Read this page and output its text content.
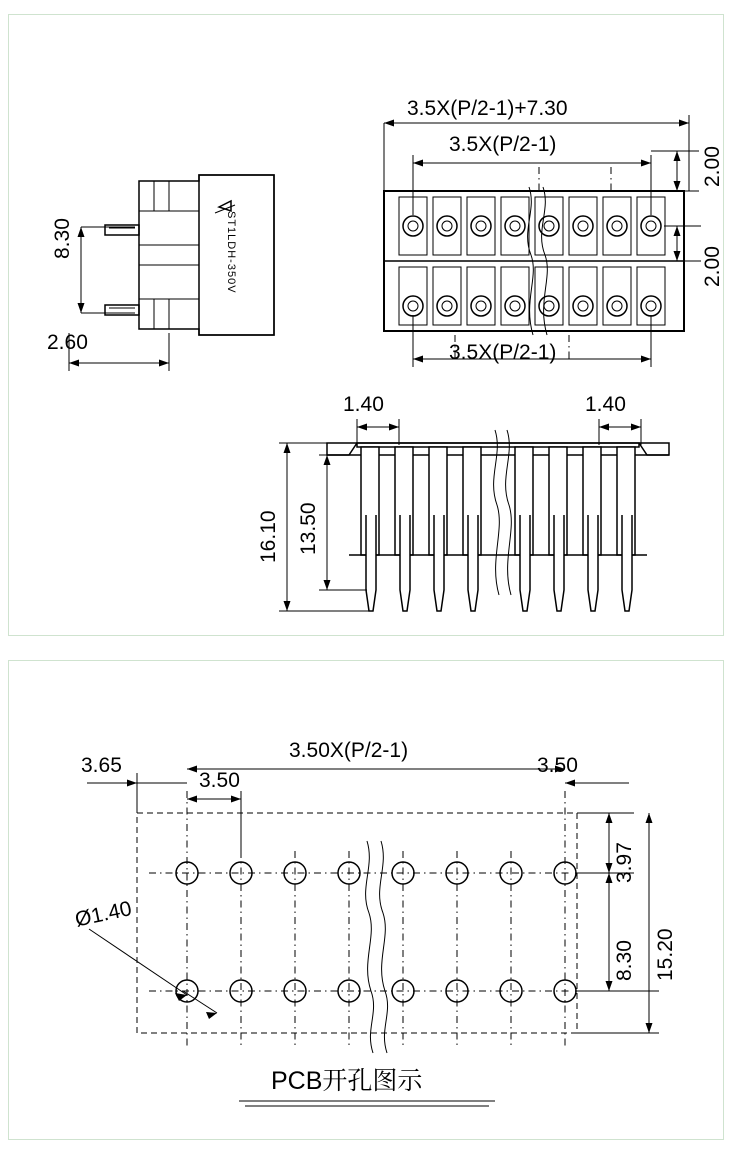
3.5X(P/2-1)+7.30
3.5X(P/2-1)
3.5X(P/2-1)
2.00
2.00
8.30
2.60
ST1LDH-350V
1.40	1.40
16.10 13.50
3.50X(P/2-1)
3.65
3.50
3.50
Ø1.40
3.97
8.30 15.20
PCB开孔图示
